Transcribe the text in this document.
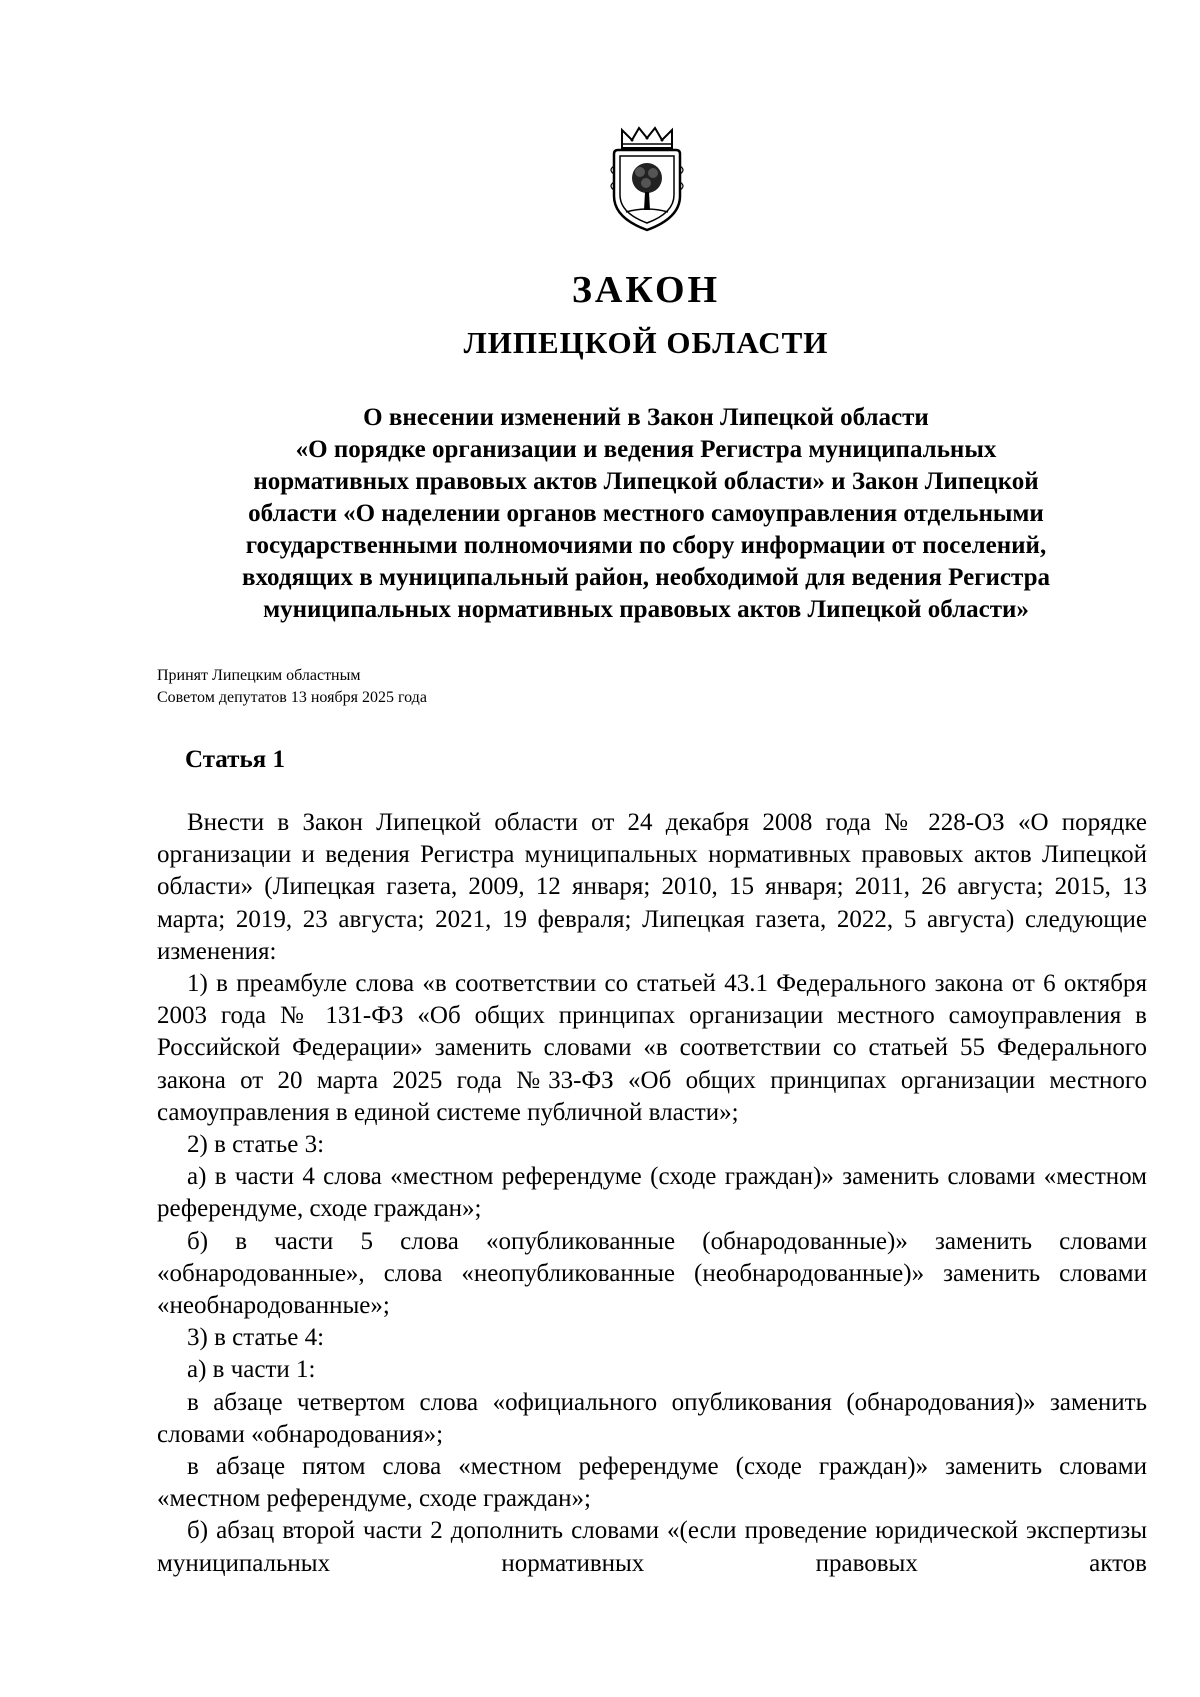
ЗАКОН
ЛИПЕЦКОЙ ОБЛАСТИ
О внесении изменений в Закон Липецкой области
«О порядке организации и ведения Регистра муниципальных
нормативных правовых актов Липецкой области» и Закон Липецкой
области «О наделении органов местного самоуправления отдельными
государственными полномочиями по сбору информации от поселений,
входящих в муниципальный район, необходимой для ведения Регистра
муниципальных нормативных правовых актов Липецкой области»
Принят Липецким областным
Советом депутатов 13 ноября 2025 года
Статья 1

Внести в Закон Липецкой области от 24 декабря 2008 года № 228-ОЗ «О порядке организации и ведения Регистра муниципальных нормативных правовых актов Липецкой области» (Липецкая газета, 2009, 12 января; 2010, 15 января; 2011, 26 августа; 2015, 13 марта; 2019, 23 августа; 2021, 19 февраля; Липецкая газета, 2022, 5 августа) следующие изменения:

1) в преамбуле слова «в соответствии со статьей 43.1 Федерального закона от 6 октября 2003 года № 131-ФЗ «Об общих принципах организации местного самоуправления в Российской Федерации» заменить словами «в соответствии со статьей 55 Федерального закона от 20 марта 2025 года №33-ФЗ «Об общих принципах организации местного самоуправления в единой системе публичной власти»;

2) в статье 3:

а) в части 4 слова «местном референдуме (сходе граждан)» заменить словами «местном референдуме, сходе граждан»;

б) в части 5 слова «опубликованные (обнародованные)» заменить словами «обнародованные», слова «неопубликованные (необнародованные)» заменить словами «необнародованные»;

3) в статье 4:

а) в части 1:

в абзаце четвертом слова «официального опубликования (обнародования)» заменить словами «обнародования»;

в абзаце пятом слова «местном референдуме (сходе граждан)» заменить словами «местном референдуме, сходе граждан»;

б) абзац второй части 2 дополнить словами «(если проведение юридической экспертизы муниципальных нормативных правовых актов
